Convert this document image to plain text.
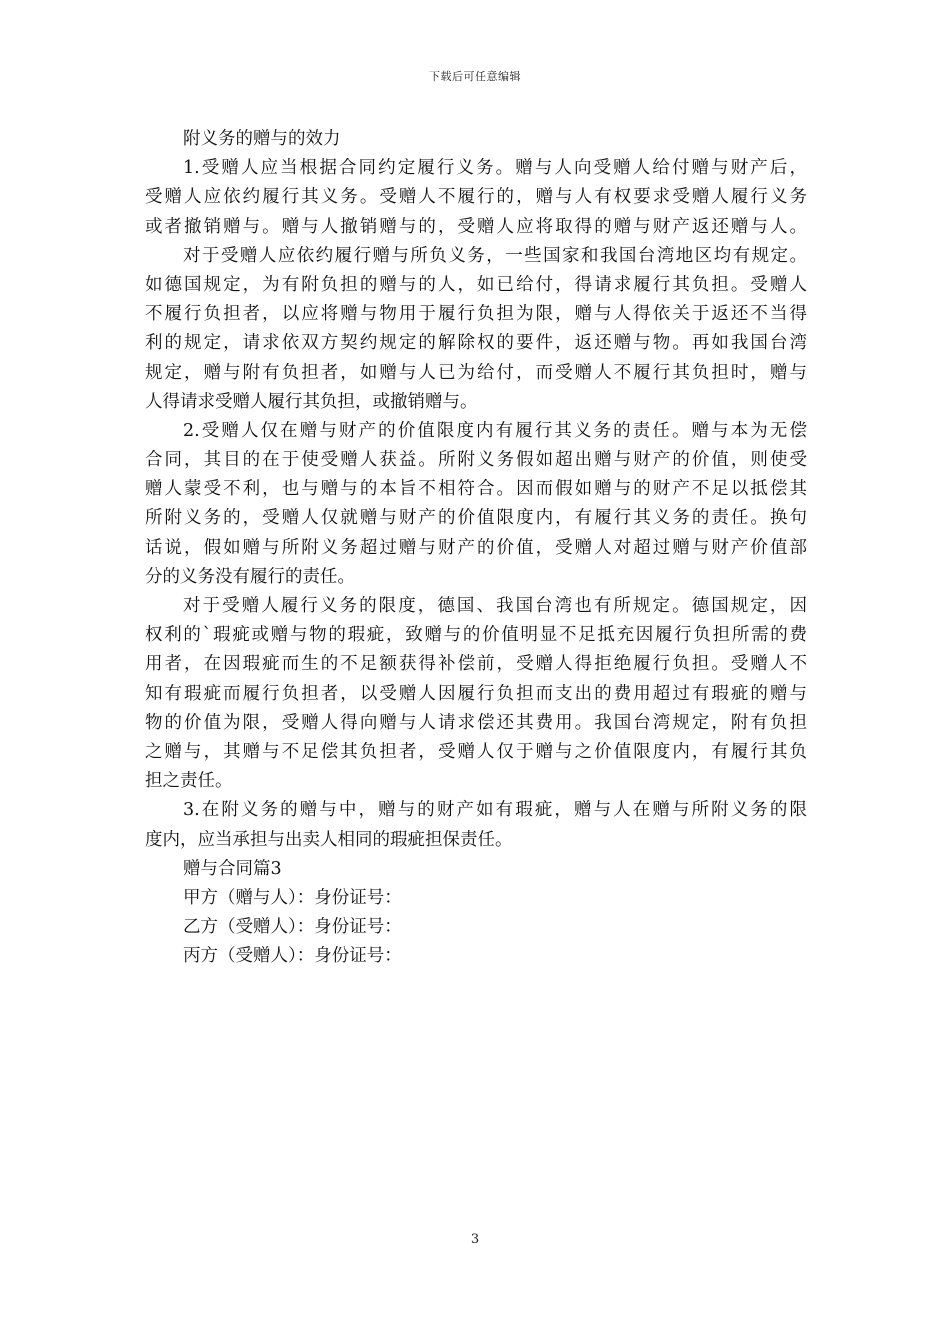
下载后可任意编辑
附义务的赠与的效力
1.受赠人应当根据合同约定履行义务。赠与人向受赠人给付赠与财产后，
受赠人应依约履行其义务。受赠人不履行的，赠与人有权要求受赠人履行义务
或者撤销赠与。赠与人撤销赠与的，受赠人应将取得的赠与财产返还赠与人。
对于受赠人应依约履行赠与所负义务，一些国家和我国台湾地区均有规定。
如德国规定，为有附负担的赠与的人，如已给付，得请求履行其负担。受赠人
不履行负担者，以应将赠与物用于履行负担为限，赠与人得依关于返还不当得
利的规定，请求依双方契约规定的解除权的要件，返还赠与物。再如我国台湾
规定，赠与附有负担者，如赠与人已为给付，而受赠人不履行其负担时，赠与
人得请求受赠人履行其负担，或撤销赠与。
2.受赠人仅在赠与财产的价值限度内有履行其义务的责任。赠与本为无偿
合同，其目的在于使受赠人获益。所附义务假如超出赠与财产的价值，则使受
赠人蒙受不利，也与赠与的本旨不相符合。因而假如赠与的财产不足以抵偿其
所附义务的，受赠人仅就赠与财产的价值限度内，有履行其义务的责任。换句
话说，假如赠与所附义务超过赠与财产的价值，受赠人对超过赠与财产价值部
分的义务没有履行的责任。
对于受赠人履行义务的限度，德国、我国台湾也有所规定。德国规定，因
权利的`瑕疵或赠与物的瑕疵，致赠与的价值明显不足抵充因履行负担所需的费
用者，在因瑕疵而生的不足额获得补偿前，受赠人得拒绝履行负担。受赠人不
知有瑕疵而履行负担者，以受赠人因履行负担而支出的费用超过有瑕疵的赠与
物的价值为限，受赠人得向赠与人请求偿还其费用。我国台湾规定，附有负担
之赠与，其赠与不足偿其负担者，受赠人仅于赠与之价值限度内，有履行其负
担之责任。
3.在附义务的赠与中，赠与的财产如有瑕疵，赠与人在赠与所附义务的限
度内，应当承担与出卖人相同的瑕疵担保责任。
赠与合同篇3
甲方（赠与人）：身份证号：
乙方（受赠人）：身份证号：
丙方（受赠人）：身份证号：
3
